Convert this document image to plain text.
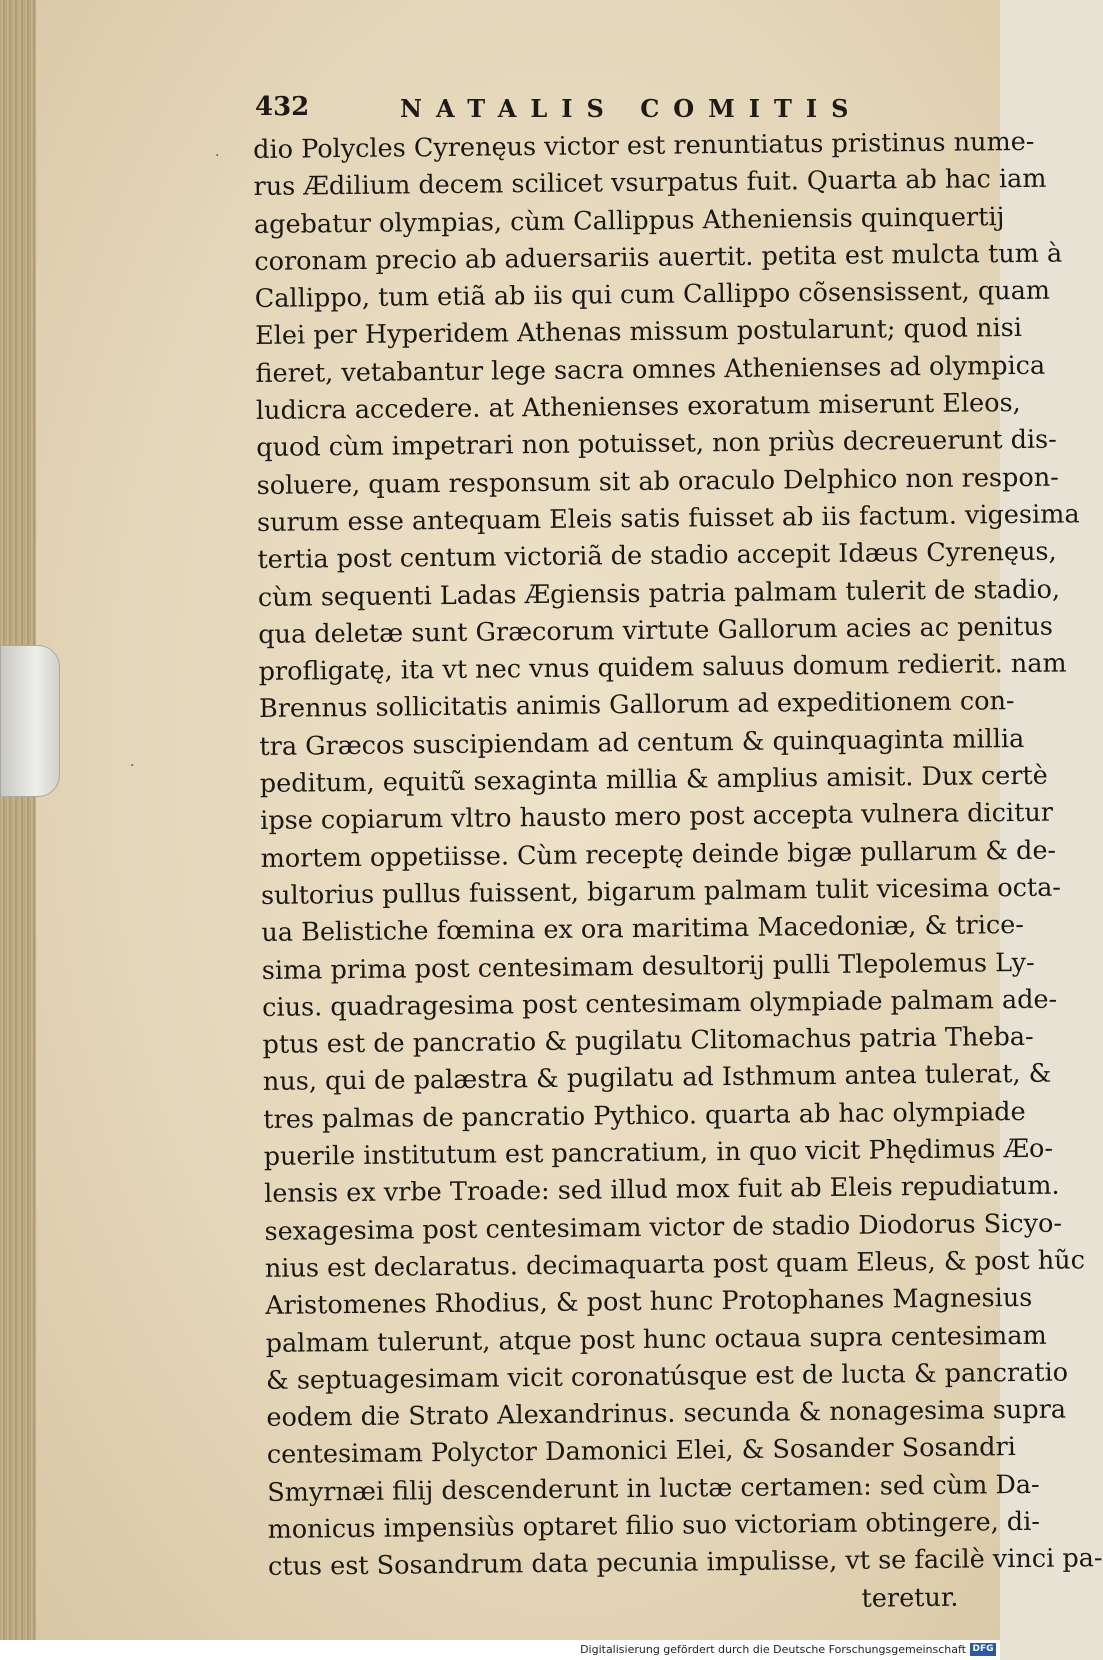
432	NATALIS COMITIS
·
·
dio Polycles Cyrenęus victor est renuntiatus pristinus nume-
rus Ædilium decem scilicet vsurpatus fuit. Quarta ab hac iam
agebatur olympias, cùm Callippus Atheniensis quinquertij
coronam precio ab aduersariis auertit. petita est mulcta tum à
Callippo, tum etiã ab iis qui cum Callippo cõsensissent, quam
Elei per Hyperidem Athenas missum postularunt; quod nisi
fieret, vetabantur lege sacra omnes Athenienses ad olympica
ludicra accedere. at Athenienses exoratum miserunt Eleos,
quod cùm impetrari non potuisset, non priùs decreuerunt dis-
soluere, quam responsum sit ab oraculo Delphico non respon-
surum esse antequam Eleis satis fuisset ab iis factum. vigesima
tertia post centum victoriã de stadio accepit Idæus Cyrenęus,
cùm sequenti Ladas Ægiensis patria palmam tulerit de stadio,
qua deletæ sunt Græcorum virtute Gallorum acies ac penitus
profligatę, ita vt nec vnus quidem saluus domum redierit. nam
Brennus sollicitatis animis Gallorum ad expeditionem con-
tra Græcos suscipiendam ad centum & quinquaginta millia
peditum, equitũ sexaginta millia & amplius amisit. Dux certè
ipse copiarum vltro hausto mero post accepta vulnera dicitur
mortem oppetiisse. Cùm receptę deinde bigæ pullarum & de-
sultorius pullus fuissent, bigarum palmam tulit vicesima octa-
ua Belistiche fœmina ex ora maritima Macedoniæ, & trice-
sima prima post centesimam desultorij pulli Tlepolemus Ly-
cius. quadragesima post centesimam olympiade palmam ade-
ptus est de pancratio & pugilatu Clitomachus patria Theba-
nus, qui de palæstra & pugilatu ad Isthmum antea tulerat, &
tres palmas de pancratio Pythico. quarta ab hac olympiade
puerile institutum est pancratium, in quo vicit Phędimus Æo-
lensis ex vrbe Troade: sed illud mox fuit ab Eleis repudiatum.
sexagesima post centesimam victor de stadio Diodorus Sicyo-
nius est declaratus. decimaquarta post quam Eleus, & post hũc
Aristomenes Rhodius, & post hunc Protophanes Magnesius
palmam tulerunt, atque post hunc octaua supra centesimam
& septuagesimam vicit coronatúsque est de lucta & pancratio
eodem die Strato Alexandrinus. secunda & nonagesima supra
centesimam Polyctor Damonici Elei, & Sosander Sosandri
Smyrnæi filij descenderunt in luctæ certamen: sed cùm Da-
monicus impensiùs optaret filio suo victoriam obtingere, di-
ctus est Sosandrum data pecunia impulisse, vt se facilè vinci pa-
teretur.
Digitalisierung gefördert durch die Deutsche Forschungsgemeinschaft DFG
